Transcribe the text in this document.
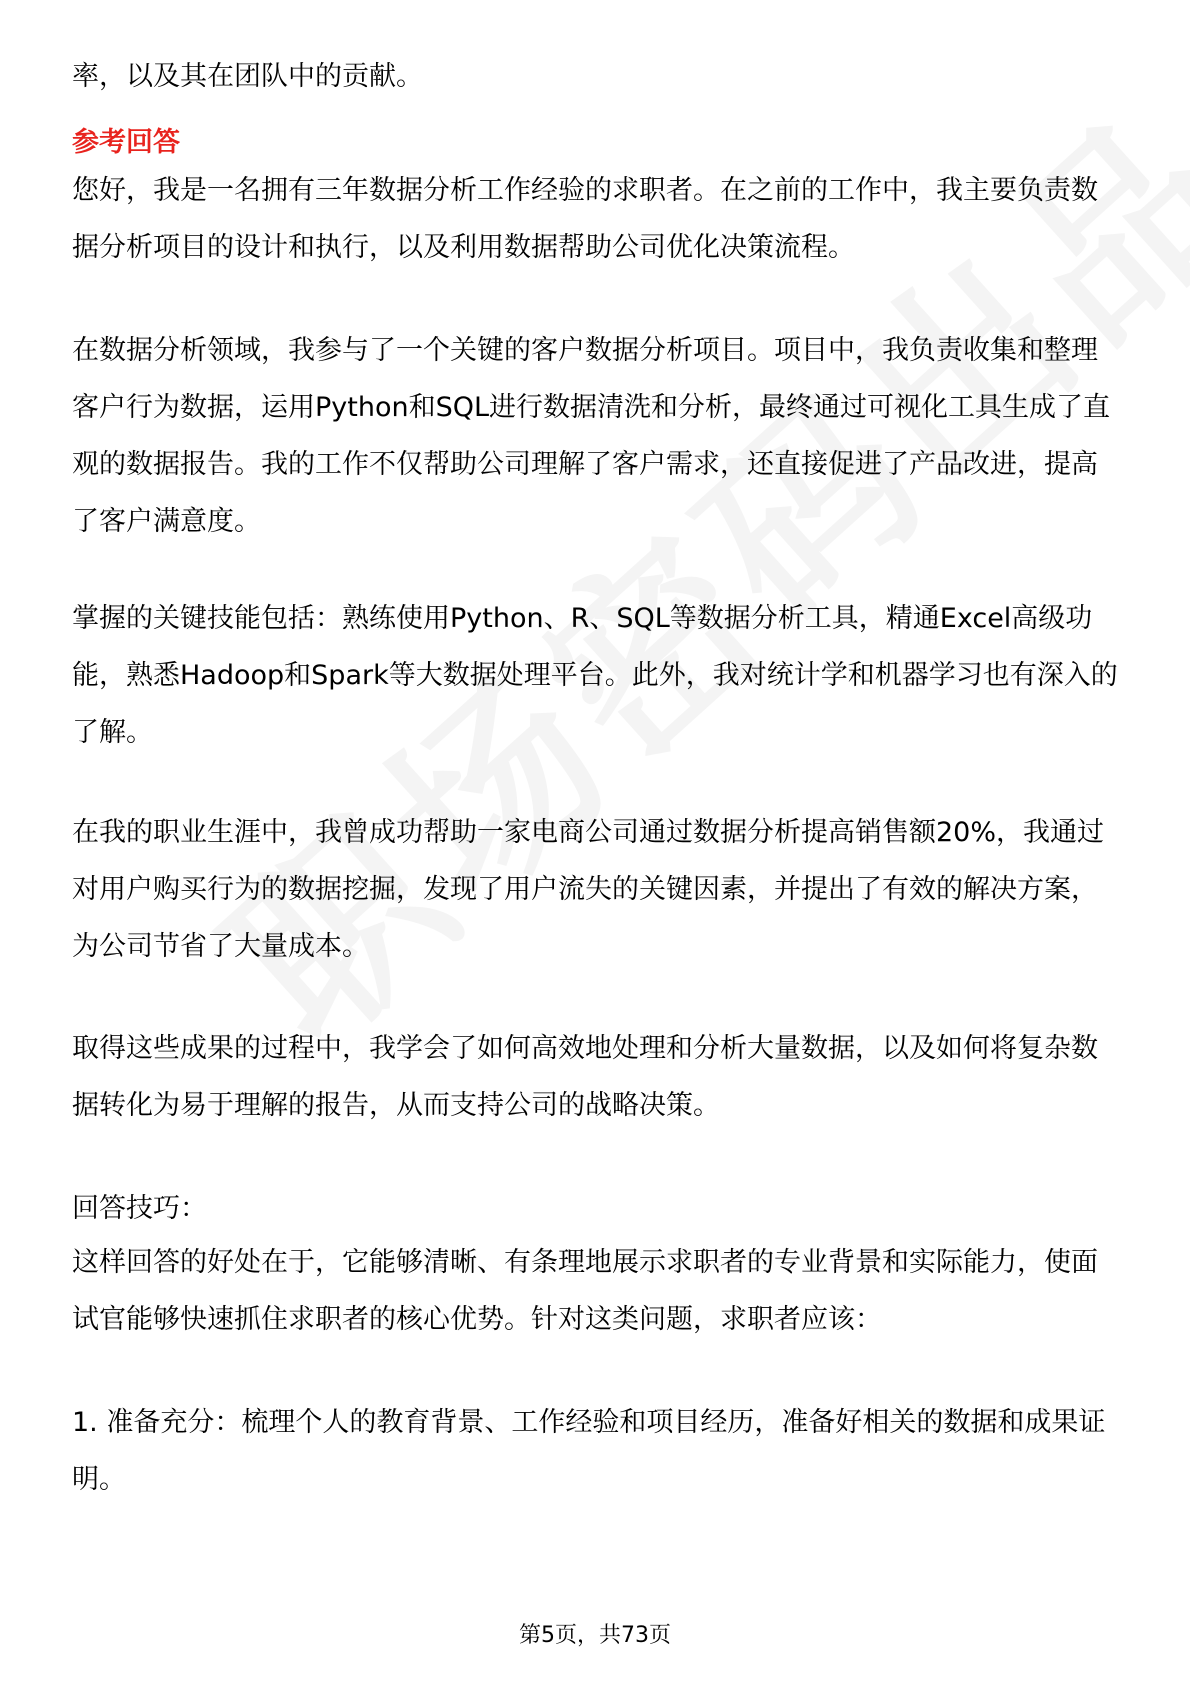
率，以及其在团队中的贡献。

参考回答

您好，我是一名拥有三年数据分析工作经验的求职者。在之前的工作中，我主要负责数据分析项目的设计和执行，以及利用数据帮助公司优化决策流程。

在数据分析领域，我参与了一个关键的客户数据分析项目。项目中，我负责收集和整理客户行为数据，运用Python和SQL进行数据清洗和分析，最终通过可视化工具生成了直观的数据报告。我的工作不仅帮助公司理解了客户需求，还直接促进了产品改进，提高了客户满意度。

掌握的关键技能包括：熟练使用Python、R、SQL等数据分析工具，精通Excel高级功能，熟悉Hadoop和Spark等大数据处理平台。此外，我对统计学和机器学习也有深入的了解。

在我的职业生涯中，我曾成功帮助一家电商公司通过数据分析提高销售额20%，我通过对用户购买行为的数据挖掘，发现了用户流失的关键因素，并提出了有效的解决方案，为公司节省了大量成本。

取得这些成果的过程中，我学会了如何高效地处理和分析大量数据，以及如何将复杂数据转化为易于理解的报告，从而支持公司的战略决策。

回答技巧：

这样回答的好处在于，它能够清晰、有条理地展示求职者的专业背景和实际能力，使面试官能够快速抓住求职者的核心优势。针对这类问题，求职者应该：

1. 准备充分：梳理个人的教育背景、工作经验和项目经历，准备好相关的数据和成果证明。

第5页，共73页
